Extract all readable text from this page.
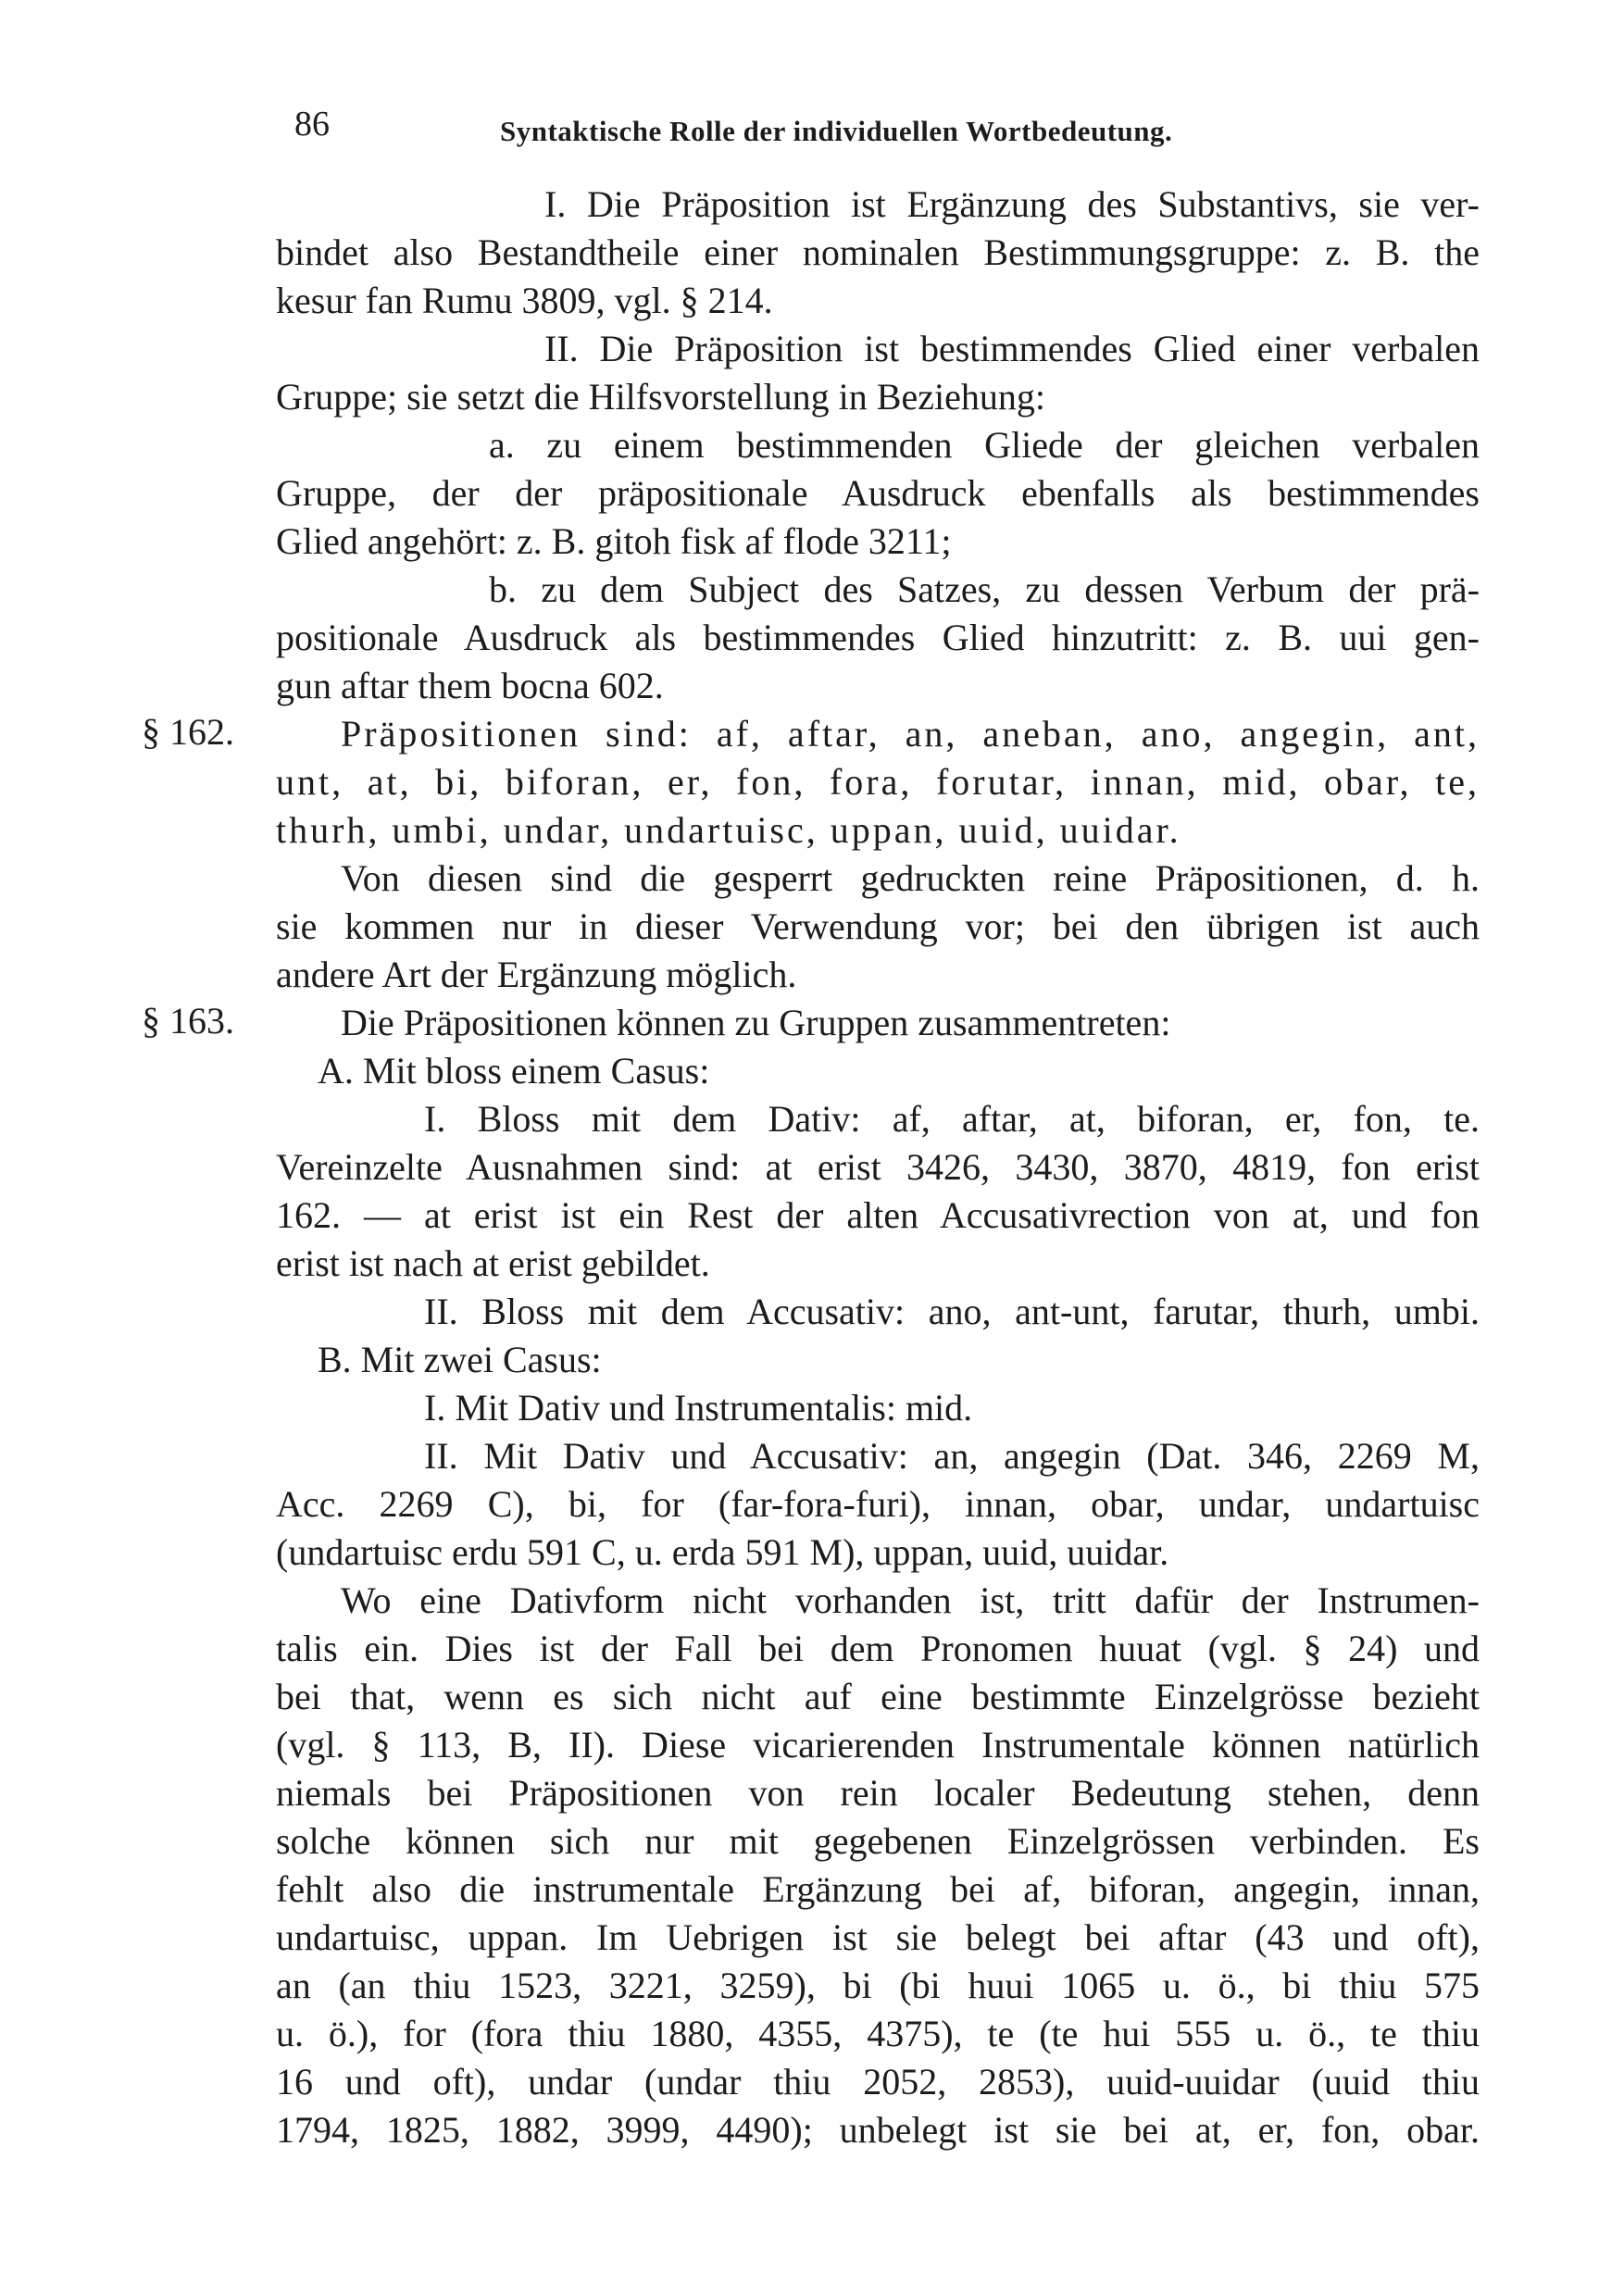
86	Syntaktische Rolle der individuellen Wortbedeutung.
I. Die Präposition ist Ergänzung des Substantivs, sie ver-
bindet also Bestandtheile einer nominalen Bestimmungsgruppe: z. B. the
kesur fan Rumu 3809, vgl. § 214.
II. Die Präposition ist bestimmendes Glied einer verbalen
Gruppe; sie setzt die Hilfsvorstellung in Beziehung:
a. zu einem bestimmenden Gliede der gleichen verbalen
Gruppe, der der präpositionale Ausdruck ebenfalls als bestimmendes
Glied angehört: z. B. gitoh fisk af flode 3211;
b. zu dem Subject des Satzes, zu dessen Verbum der prä-
positionale Ausdruck als bestimmendes Glied hinzutritt: z. B. uui gen-
gun aftar them bocna 602.
§ 162.	Präpositionen sind: af, aftar, an, aneban, ano, angegin, ant,
unt, at, bi, biforan, er, fon, fora, forutar, innan, mid, obar, te,
thurh, umbi, undar, undartuisc, uppan, uuid, uuidar.
Von diesen sind die gesperrt gedruckten reine Präpositionen, d. h.
sie kommen nur in dieser Verwendung vor; bei den übrigen ist auch
andere Art der Ergänzung möglich.
§ 163.	Die Präpositionen können zu Gruppen zusammentreten:
A. Mit bloss einem Casus:
I. Bloss mit dem Dativ: af, aftar, at, biforan, er, fon, te.
Vereinzelte Ausnahmen sind: at erist 3426, 3430, 3870, 4819, fon erist
162. — at erist ist ein Rest der alten Accusativrection von at, und fon
erist ist nach at erist gebildet.
II. Bloss mit dem Accusativ: ano, ant-unt, farutar, thurh, umbi.
B. Mit zwei Casus:
I. Mit Dativ und Instrumentalis: mid.
II. Mit Dativ und Accusativ: an, angegin (Dat. 346, 2269 M,
Acc. 2269 C), bi, for (far-fora-furi), innan, obar, undar, undartuisc
(undartuisc erdu 591 C, u. erda 591 M), uppan, uuid, uuidar.
Wo eine Dativform nicht vorhanden ist, tritt dafür der Instrumen-
talis ein. Dies ist der Fall bei dem Pronomen huuat (vgl. § 24) und
bei that, wenn es sich nicht auf eine bestimmte Einzelgrösse bezieht
(vgl. § 113, B, II). Diese vicarierenden Instrumentale können natürlich
niemals bei Präpositionen von rein localer Bedeutung stehen, denn
solche können sich nur mit gegebenen Einzelgrössen verbinden. Es
fehlt also die instrumentale Ergänzung bei af, biforan, angegin, innan,
undartuisc, uppan. Im Uebrigen ist sie belegt bei aftar (43 und oft),
an (an thiu 1523, 3221, 3259), bi (bi huui 1065 u. ö., bi thiu 575
u. ö.), for (fora thiu 1880, 4355, 4375), te (te hui 555 u. ö., te thiu
16 und oft), undar (undar thiu 2052, 2853), uuid-uuidar (uuid thiu
1794, 1825, 1882, 3999, 4490); unbelegt ist sie bei at, er, fon, obar.
